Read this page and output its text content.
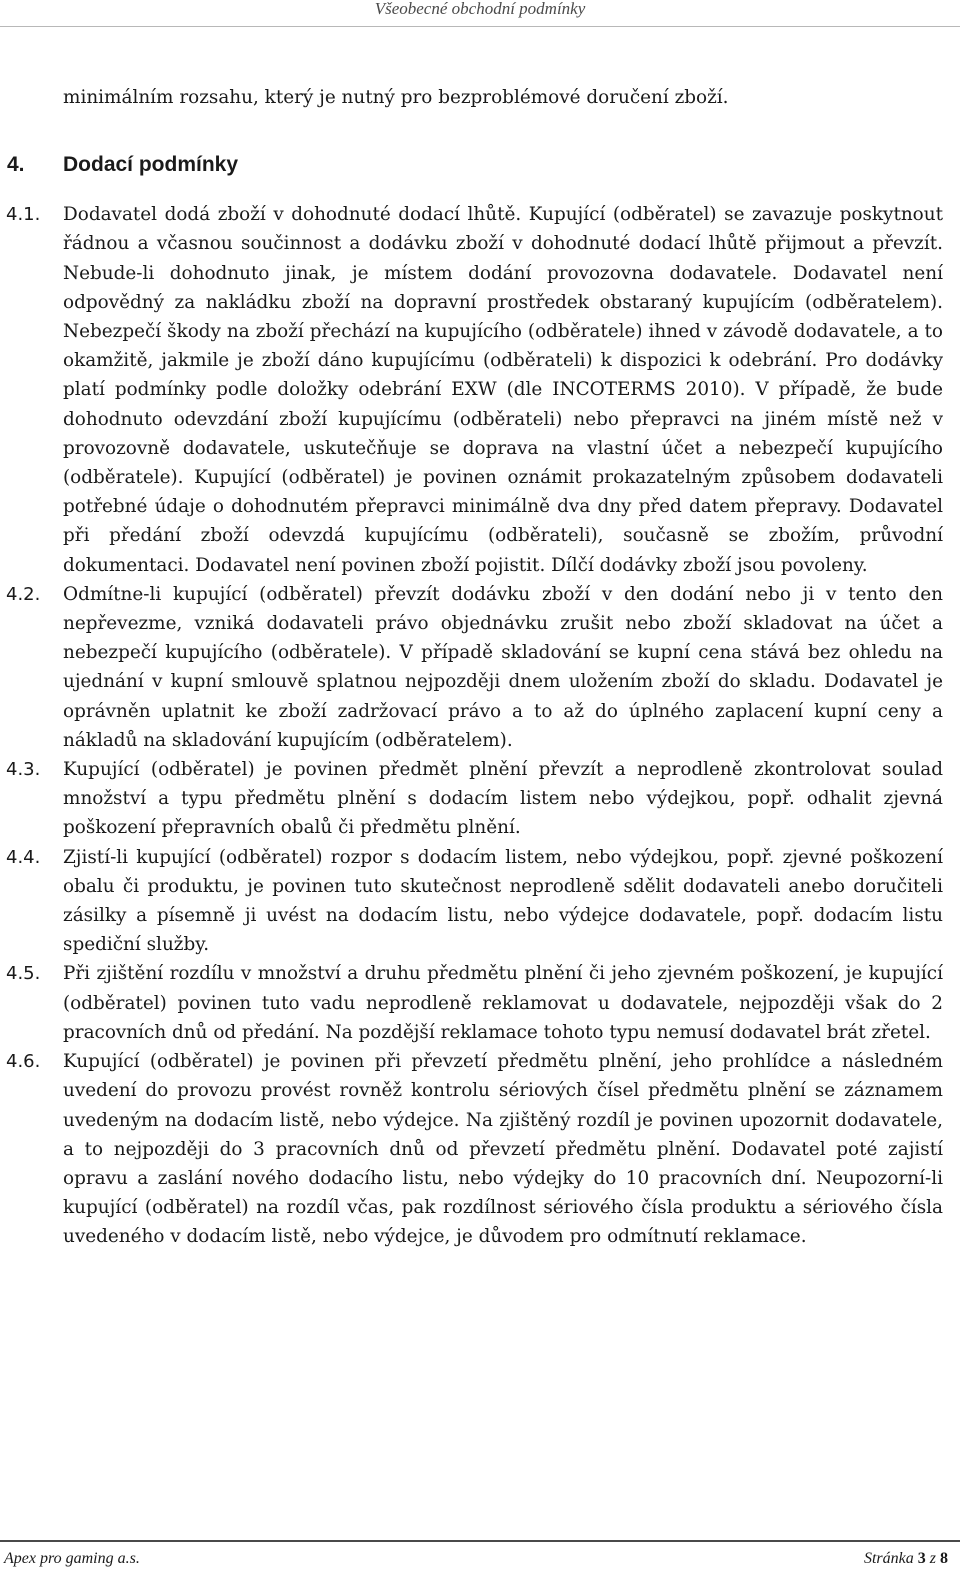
Všeobecné obchodní podmínky

minimálním rozsahu, který je nutný pro bezproblémové doručení zboží.

4. Dodací podmínky
4.1. Dodavatel dodá zboží v dohodnuté dodací lhůtě. Kupující (odběratel) se zavazuje poskytnout řádnou a včasnou součinnost a dodávku zboží v dohodnuté dodací lhůtě přijmout a převzít. Nebude-li dohodnuto jinak, je místem dodání provozovna dodavatele. Dodavatel není odpovědný za nakládku zboží na dopravní prostředek obstaraný kupujícím (odběratelem). Nebezpečí škody na zboží přechází na kupujícího (odběratele) ihned v závodě dodavatele, a to okamžitě, jakmile je zboží dáno kupujícímu (odběrateli) k dispozici k odebrání. Pro dodávky platí podmínky podle doložky odebrání EXW (dle INCOTERMS 2010). V případě, že bude dohodnuto odevzdání zboží kupujícímu (odběrateli) nebo přepravci na jiném místě než v provozovně dodavatele, uskutečňuje se doprava na vlastní účet a nebezpečí kupujícího (odběratele). Kupující (odběratel) je povinen oznámit prokazatelným způsobem dodavateli potřebné údaje o dohodnutém přepravci minimálně dva dny před datem přepravy. Dodavatel při předání zboží odevzdá kupujícímu (odběrateli), současně se zbožím, průvodní dokumentaci. Dodavatel není povinen zboží pojistit. Dílčí dodávky zboží jsou povoleny.
4.2. Odmítne-li kupující (odběratel) převzít dodávku zboží v den dodání nebo ji v tento den nepřevezme, vzniká dodavateli právo objednávku zrušit nebo zboží skladovat na účet a nebezpečí kupujícího (odběratele). V případě skladování se kupní cena stává bez ohledu na ujednání v kupní smlouvě splatnou nejpozději dnem uložením zboží do skladu. Dodavatel je oprávněn uplatnit ke zboží zadržovací právo a to až do úplného zaplacení kupní ceny a nákladů na skladování kupujícím (odběratelem).
4.3. Kupující (odběratel) je povinen předmět plnění převzít a neprodleně zkontrolovat soulad množství a typu předmětu plnění s dodacím listem nebo výdejkou, popř. odhalit zjevná poškození přepravních obalů či předmětu plnění.
4.4. Zjistí-li kupující (odběratel) rozpor s dodacím listem, nebo výdejkou, popř. zjevné poškození obalu či produktu, je povinen tuto skutečnost neprodleně sdělit dodavateli anebo doručiteli zásilky a písemně ji uvést na dodacím listu, nebo výdejce dodavatele, popř. dodacím listu spediční služby.
4.5. Při zjištění rozdílu v množství a druhu předmětu plnění či jeho zjevném poškození, je kupující (odběratel) povinen tuto vadu neprodleně reklamovat u dodavatele, nejpozději však do 2 pracovních dnů od předání. Na pozdější reklamace tohoto typu nemusí dodavatel brát zřetel.
4.6. Kupující (odběratel) je povinen při převzetí předmětu plnění, jeho prohlídce a následném uvedení do provozu provést rovněž kontrolu sériových čísel předmětu plnění se záznamem uvedeným na dodacím listě, nebo výdejce. Na zjištěný rozdíl je povinen upozornit dodavatele, a to nejpozději do 3 pracovních dnů od převzetí předmětu plnění. Dodavatel poté zajistí opravu a zaslání nového dodacího listu, nebo výdejky do 10 pracovních dní. Neupozorní-li kupující (odběratel) na rozdíl včas, pak rozdílnost sériového čísla produktu a sériového čísla uvedeného v dodacím listě, nebo výdejce, je důvodem pro odmítnutí reklamace.
Apex pro gaming a.s.	Stránka 3 z 8
